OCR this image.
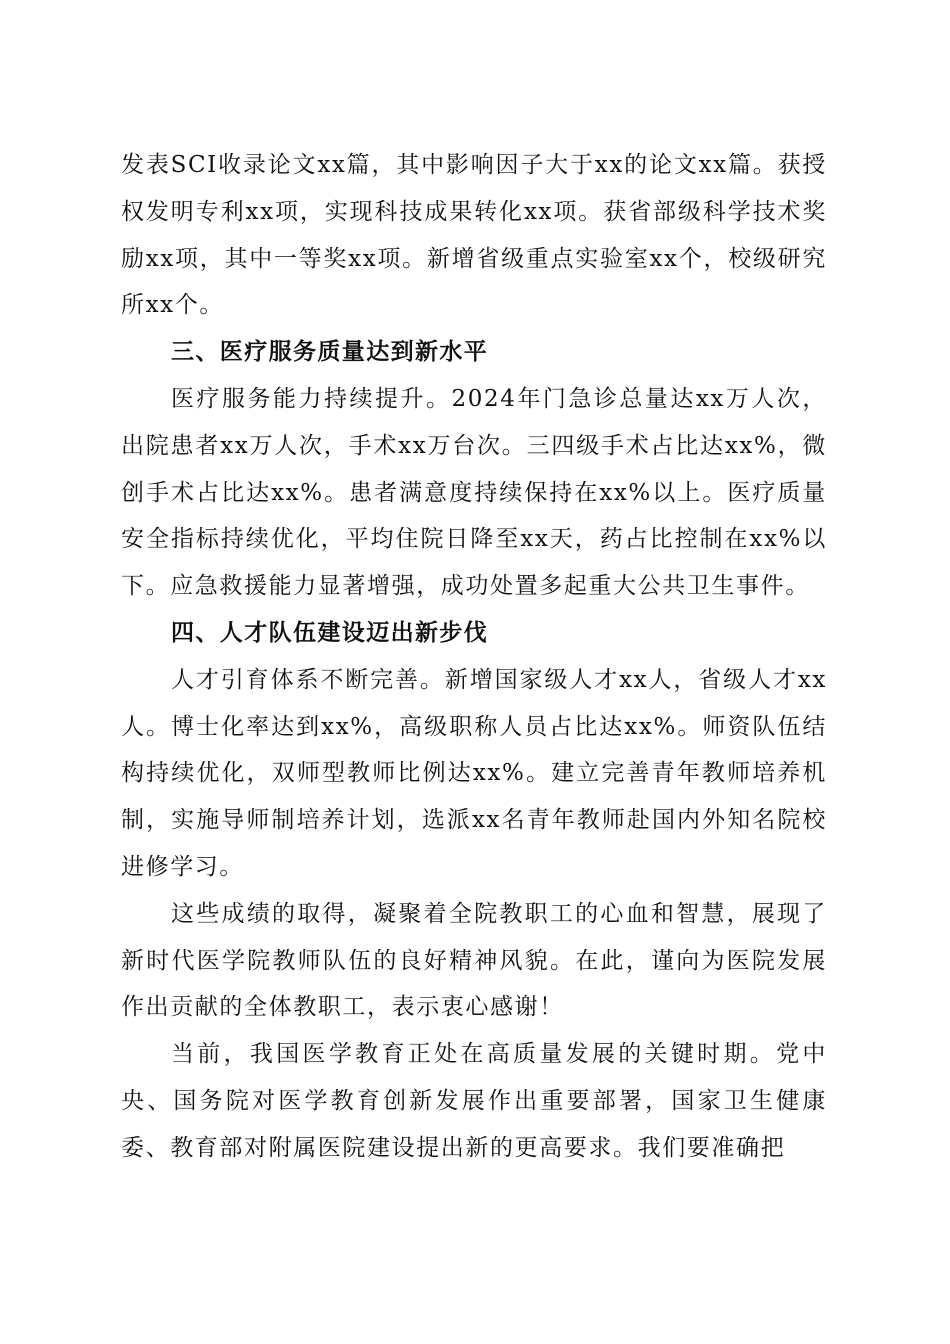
发表SCI收录论文xx篇，其中影响因子大于xx的论文xx篇。获授权发明专利xx项，实现科技成果转化xx项。获省部级科学技术奖励xx项，其中一等奖xx项。新增省级重点实验室xx个，校级研究所xx个。

三、医疗服务质量达到新水平

医疗服务能力持续提升。2024年门急诊总量达xx万人次，出院患者xx万人次，手术xx万台次。三四级手术占比达xx%，微创手术占比达xx%。患者满意度持续保持在xx%以上。医疗质量安全指标持续优化，平均住院日降至xx天，药占比控制在xx%以下。应急救援能力显著增强，成功处置多起重大公共卫生事件。

四、人才队伍建设迈出新步伐

人才引育体系不断完善。新增国家级人才xx人，省级人才xx人。博士化率达到xx%，高级职称人员占比达xx%。师资队伍结构持续优化，双师型教师比例达xx%。建立完善青年教师培养机制，实施导师制培养计划，选派xx名青年教师赴国内外知名院校进修学习。

这些成绩的取得，凝聚着全院教职工的心血和智慧，展现了新时代医学院教师队伍的良好精神风貌。在此，谨向为医院发展作出贡献的全体教职工，表示衷心感谢！

当前，我国医学教育正处在高质量发展的关键时期。党中央、国务院对医学教育创新发展作出重要部署，国家卫生健康委、教育部对附属医院建设提出新的更高要求。我们要准确把
